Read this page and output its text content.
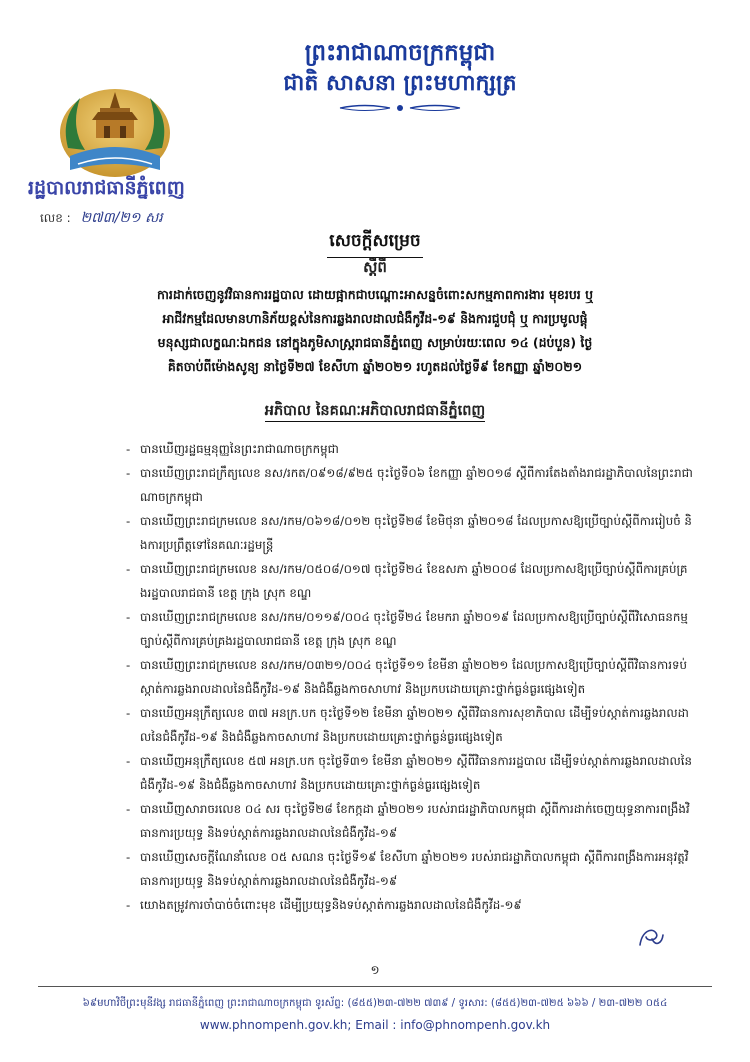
ព្រះរាជាណាចក្រកម្ពុជា
ជាតិ សាសនា ព្រះមហាក្សត្រ
រដ្ឋបាលរាជធានីភ្នំពេញ
លេខ : ២៧៣/២១ សរ
សេចក្តីសម្រេច
ស្តីពី
ការដាក់ចេញនូវវិធានការរដ្ឋបាល ដោយផ្អាកជាបណ្តោះអាសន្នចំពោះសកម្មភាពការងារ មុខរបរ ឬ
អាជីវកម្មដែលមានហានិភ័យខ្ពស់នៃការឆ្លងរាលដាលជំងឺកូវីដ-១៩ និងការជួបជុំ ឬ ការប្រមូលផ្តុំ
មនុស្សជាលក្ខណៈឯកជន នៅក្នុងភូមិសាស្ត្ររាជធានីភ្នំពេញ សម្រាប់រយៈពេល ១៤ (ដប់បួន) ថ្ងៃ
គិតចាប់ពីម៉ោងសូន្យ នាថ្ងៃទី២៧ ខែសីហា ឆ្នាំ២០២១ រហូតដល់ថ្ងៃទី៩ ខែកញ្ញា ឆ្នាំ២០២១
អភិបាល នៃគណៈអភិបាលរាជធានីភ្នំពេញ
- បានឃើញរដ្ឋធម្មនុញ្ញនៃព្រះរាជាណាចក្រកម្ពុជា
- បានឃើញព្រះរាជក្រឹត្យលេខ នស/រកត/០៩១៨/៩២៥ ចុះថ្ងៃទី០៦ ខែកញ្ញា ឆ្នាំ២០១៨ ស្តីពីការតែងតាំងរាជរដ្ឋាភិបាលនៃព្រះរាជាណាចក្រកម្ពុជា
- បានឃើញព្រះរាជក្រមលេខ នស/រកម/០៦១៨/០១២ ចុះថ្ងៃទី២៨ ខែមិថុនា ឆ្នាំ២០១៨ ដែលប្រកាសឱ្យប្រើច្បាប់ស្តីពីការរៀបចំ និងការប្រព្រឹត្តទៅនៃគណៈរដ្ឋមន្ត្រី
- បានឃើញព្រះរាជក្រមលេខ នស/រកម/០៥០៨/០១៧ ចុះថ្ងៃទី២៤ ខែឧសភា ឆ្នាំ២០០៨ ដែលប្រកាសឱ្យប្រើច្បាប់ស្តីពីការគ្រប់គ្រងរដ្ឋបាលរាជធានី ខេត្ត ក្រុង ស្រុក ខណ្ឌ
- បានឃើញព្រះរាជក្រមលេខ នស/រកម/០១១៩/០០៤ ចុះថ្ងៃទី២៤ ខែមករា ឆ្នាំ២០១៩ ដែលប្រកាសឱ្យប្រើច្បាប់ស្តីពីវិសោធនកម្មច្បាប់ស្តីពីការគ្រប់គ្រងរដ្ឋបាលរាជធានី ខេត្ត ក្រុង ស្រុក ខណ្ឌ
- បានឃើញព្រះរាជក្រមលេខ នស/រកម/០៣២១/០០៤ ចុះថ្ងៃទី១១ ខែមីនា ឆ្នាំ២០២១ ដែលប្រកាសឱ្យប្រើច្បាប់ស្តីពីវិធានការទប់ស្កាត់ការឆ្លងរាលដាលនៃជំងឺកូវីដ-១៩ និងជំងឺឆ្លងកាចសាហាវ និងប្រកបដោយគ្រោះថ្នាក់ធ្ងន់ធ្ងរផ្សេងទៀត
- បានឃើញអនុក្រឹត្យលេខ ៣៧ អនក្រ.បក ចុះថ្ងៃទី១២ ខែមីនា ឆ្នាំ២០២១ ស្តីពីវិធានការសុខាភិបាល ដើម្បីទប់ស្កាត់ការឆ្លងរាលដាលនៃជំងឺកូវីដ-១៩ និងជំងឺឆ្លងកាចសាហាវ និងប្រកបដោយគ្រោះថ្នាក់ធ្ងន់ធ្ងរផ្សេងទៀត
- បានឃើញអនុក្រឹត្យលេខ ៥៧ អនក្រ.បក ចុះថ្ងៃទី៣១ ខែមីនា ឆ្នាំ២០២១ ស្តីពីវិធានការរដ្ឋបាល ដើម្បីទប់ស្កាត់ការឆ្លងរាលដាលនៃជំងឺកូវីដ-១៩ និងជំងឺឆ្លងកាចសាហាវ និងប្រកបដោយគ្រោះថ្នាក់ធ្ងន់ធ្ងរផ្សេងទៀត
- បានឃើញសារាចរលេខ ០៤ សរ ចុះថ្ងៃទី២៨ ខែកក្កដា ឆ្នាំ២០២១ របស់រាជរដ្ឋាភិបាលកម្ពុជា ស្តីពីការដាក់ចេញយុទ្ធនាការពង្រឹងវិធានការប្រយុទ្ធ និងទប់ស្កាត់ការឆ្លងរាលដាលនៃជំងឺកូវីដ-១៩
- បានឃើញសេចក្តីណែនាំលេខ ០៥ សណន ចុះថ្ងៃទី១៩ ខែសីហា ឆ្នាំ២០២១ របស់រាជរដ្ឋាភិបាលកម្ពុជា ស្តីពីការពង្រឹងការអនុវត្តវិធានការប្រយុទ្ធ និងទប់ស្កាត់ការឆ្លងរាលដាលនៃជំងឺកូវីដ-១៩
- យោងតម្រូវការចាំបាច់ចំពោះមុខ ដើម្បីប្រយុទ្ធនិងទប់ស្កាត់ការឆ្លងរាលដាលនៃជំងឺកូវីដ-១៩
១
៦៩មហាវិថីព្រះមុនីវង្ស រាជធានីភ្នំពេញ ព្រះរាជាណាចក្រកម្ពុជា ទូរស័ព្ទ: (៨៥៥)២៣-៧២២ ៧៣៩ / ទូរសារ: (៨៥៥)២៣-៧២៥ ៦៦៦ / ២៣-៧២២ ០៥៤
www.phnompenh.gov.kh; Email : info@phnompenh.gov.kh
